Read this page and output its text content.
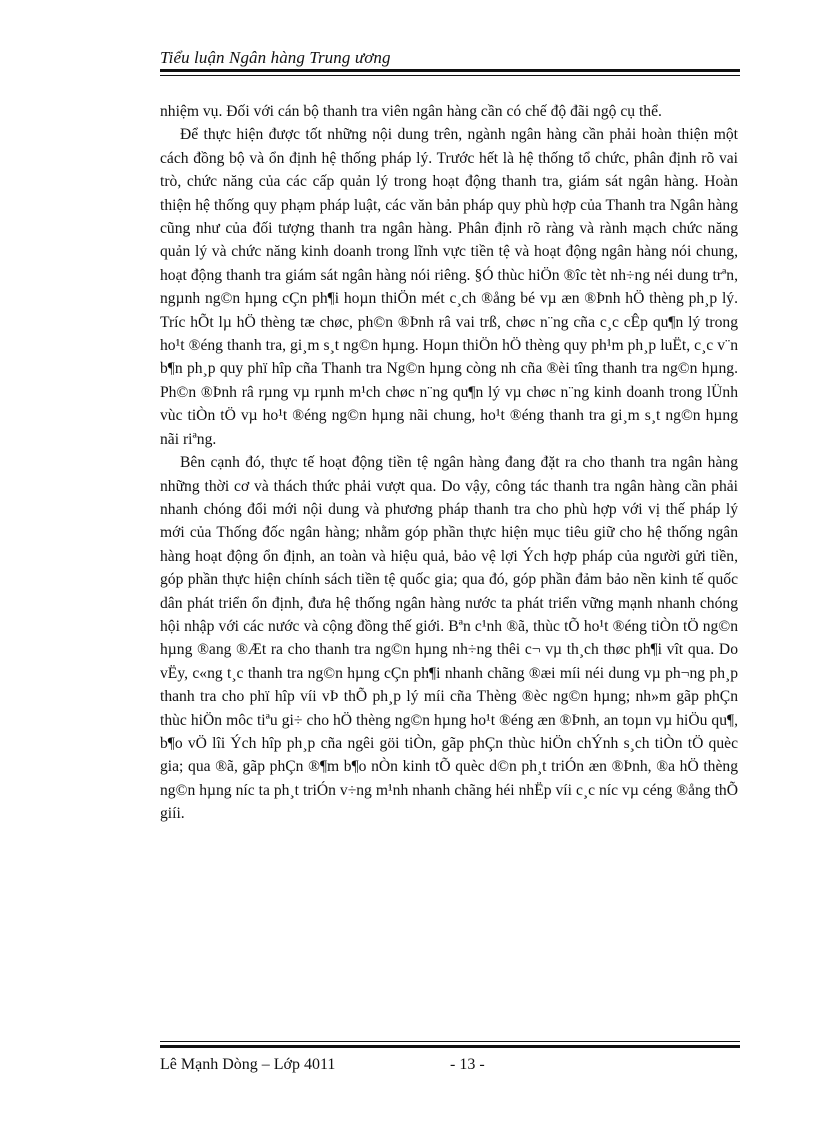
Tiểu luận Ngân hàng Trung ương

nhiệm vụ. Đối với cán bộ thanh tra viên ngân hàng cần có chế độ đãi ngộ cụ thể.

Để thực hiện được tốt những nội dung trên, ngành ngân hàng cần phải hoàn thiện một cách đồng bộ và ổn định hệ thống pháp lý. Trước hết là hệ thống tổ chức, phân định rõ vai trò, chức năng của các cấp quản lý trong hoạt động thanh tra, giám sát ngân hàng. Hoàn thiện hệ thống quy phạm pháp luật, các văn bản pháp quy phù hợp của Thanh tra Ngân hàng cũng như của đối tượng thanh tra ngân hàng. Phân định rõ ràng và rành mạch chức năng quản lý và chức năng kinh doanh trong lĩnh vực tiền tệ và hoạt động ngân hàng nói chung, hoạt động thanh tra giám sát ngân hàng nói riêng. §Ó thùc hiÖn ®îc tèt nh÷ng néi dung trªn, ngµnh ng©n hµng cÇn ph¶i hoµn thiÖn mét c¸ch ®ång bé vµ æn ®Þnh hÖ thèng ph¸p lý. Tríc hÕt lµ hÖ thèng tæ chøc, ph©n ®Þnh râ vai trß, chøc n¨ng cña c¸c cÊp qu¶n lý trong ho¹t ®éng thanh tra, gi¸m s¸t ng©n hµng. Hoµn thiÖn hÖ thèng quy ph¹m ph¸p luËt, c¸c v¨n b¶n ph¸p quy phï hîp cña Thanh tra Ng©n hµng còng nh cña ®èi tîng thanh tra ng©n hµng. Ph©n ®Þnh râ rµng vµ rµnh m¹ch chøc n¨ng qu¶n lý vµ chøc n¨ng kinh doanh trong lÜnh vùc tiÒn tÖ vµ ho¹t ®éng ng©n hµng nãi chung, ho¹t ®éng thanh tra gi¸m s¸t ng©n hµng nãi riªng.

Bên cạnh đó, thực tế hoạt động tiền tệ ngân hàng đang đặt ra cho thanh tra ngân hàng những thời cơ và thách thức phải vượt qua. Do vậy, công tác thanh tra ngân hàng cần phải nhanh chóng đổi mới nội dung và phương pháp thanh tra cho phù hợp với vị thế pháp lý mới của Thống đốc ngân hàng; nhằm góp phần thực hiện mục tiêu giữ cho hệ thống ngân hàng hoạt động ổn định, an toàn và hiệu quả, bảo vệ lợi Ých hợp pháp của người gửi tiền, góp phần thực hiện chính sách tiền tệ quốc gia; qua đó, góp phần đảm bảo nền kinh tế quốc dân phát triển ổn định, đưa hệ thống ngân hàng nước ta phát triển vững mạnh nhanh chóng hội nhập với các nước và cộng đồng thế giới. Bªn c¹nh ®ã, thùc tÕ ho¹t ®éng tiÒn tÖ ng©n hµng ®ang ®Æt ra cho thanh tra ng©n hµng nh÷ng thêi c¬ vµ th¸ch thøc ph¶i vît qua. Do vËy, c«ng t¸c thanh tra ng©n hµng cÇn ph¶i nhanh chãng ®æi míi néi dung vµ ph¬ng ph¸p thanh tra cho phï hîp víi vÞ thÕ ph¸p lý míi cña Thèng ®èc ng©n hµng; nh»m gãp phÇn thùc hiÖn môc tiªu gi÷ cho hÖ thèng ng©n hµng ho¹t ®éng æn ®Þnh, an toµn vµ hiÖu qu¶, b¶o vÖ lîi Ých hîp ph¸p cña ngêi göi tiÒn, gãp phÇn thùc hiÖn chÝnh s¸ch tiÒn tÖ quèc gia; qua ®ã, gãp phÇn ®¶m b¶o nÒn kinh tÕ quèc d©n ph¸t triÓn æn ®Þnh, ®a hÖ thèng ng©n hµng níc ta ph¸t triÓn v÷ng m¹nh nhanh chãng héi nhËp víi c¸c níc vµ céng ®ång thÕ giíi.

Lê Mạnh Dòng – Lớp 4011	- 13 -
